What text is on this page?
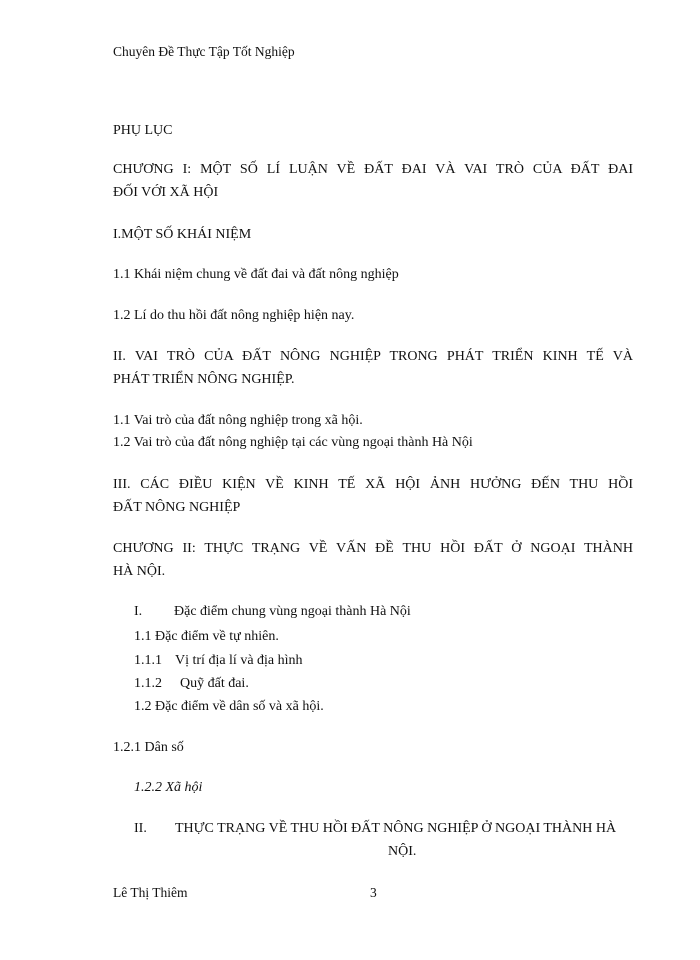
Chuyên Đề Thực Tập Tốt Nghiệp
PHỤ LỤC
CHƯƠNG I: MỘT SỐ LÍ LUẬN VỀ ĐẤT ĐAI VÀ VAI TRÒ CỦA ĐẤT ĐAI
ĐỐI VỚI XÃ HỘI
I.MỘT SỐ KHÁI NIỆM
1.1 Khái niệm chung về đất đai và đất nông nghiệp
1.2 Lí do thu hồi đất nông nghiệp hiện nay.
II. VAI TRÒ CỦA ĐẤT NÔNG NGHIỆP TRONG PHÁT TRIỂN KINH TẾ VÀ
PHÁT TRIỂN NÔNG NGHIỆP.
1.1 Vai trò của đất nông nghiệp trong xã hội.
1.2 Vai trò của đất nông nghiệp tại các vùng ngoại thành Hà Nội
III. CÁC ĐIỀU KIỆN VỀ KINH TẾ XÃ HỘI ẢNH HƯỞNG ĐẾN THU HỒI
ĐẤT NÔNG NGHIỆP
CHƯƠNG II: THỰC TRẠNG VỀ VẤN ĐỀ THU HỒI ĐẤT Ở NGOẠI THÀNH
HÀ NỘI.
I. Đặc điểm chung vùng ngoại thành Hà Nội
1.1 Đặc điểm về tự nhiên.
1.1.1 Vị trí địa lí và địa hình
1.1.2 Quỹ đất đai.
1.2 Đặc điểm về dân số và xã hội.
1.2.1 Dân số
1.2.2 Xã hội
II. THỰC TRẠNG VỀ THU HỒI ĐẤT NÔNG NGHIỆP Ở NGOẠI THÀNH HÀ
NỘI.
Lê Thị Thiêm	3
